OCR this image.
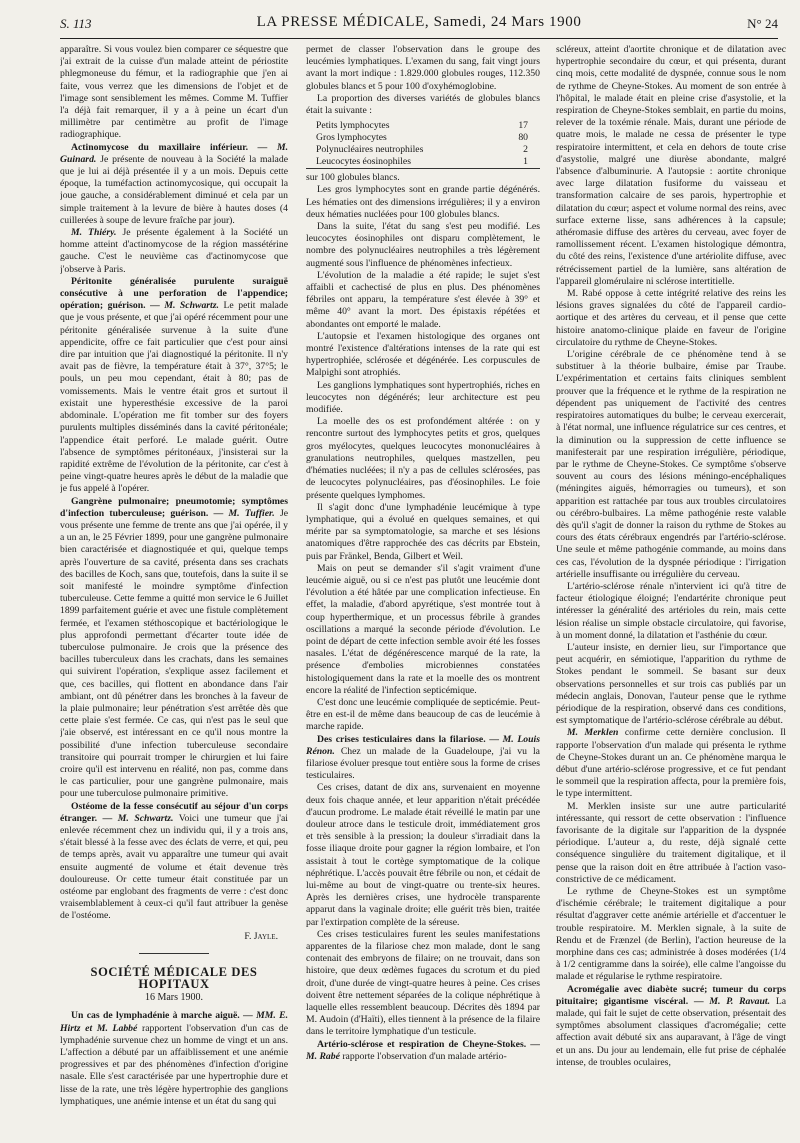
S. 113	LA PRESSE MÉDICALE, Samedi, 24 Mars 1900	N° 24

apparaître. Si vous voulez bien comparer ce séquestre que j'ai extrait de la cuisse d'un malade atteint de périostite phlegmoneuse du fémur, et la radiographie que j'en ai faite, vous verrez que les dimensions de l'objet et de l'image sont sensiblement les mêmes. Comme M. Tuffier l'a déjà fait remarquer, il y a à peine un écart d'un millimètre par centimètre au profit de l'image radiographique.

Actinomycose du maxillaire inférieur. — M. Guinard. Je présente de nouveau à la Société la malade que je lui ai déjà présentée il y a un mois. Depuis cette époque, la tuméfaction actinomycosique, qui occupait la joue gauche, a considérablement diminué et cela par un simple traitement à la levure de bière à hautes doses (4 cuillerées à soupe de levure fraîche par jour).

M. Thiéry. Je présente également à la Société un homme atteint d'actinomycose de la région massétérine gauche. C'est le neuvième cas d'actinomycose que j'observe à Paris.

Péritonite généralisée purulente suraiguë consécutive à une perforation de l'appendice; opération; guérison. — M. Schwartz. Le petit malade que je vous présente, et que j'ai opéré récemment pour une péritonite généralisée survenue à la suite d'une appendicite, offre ce fait particulier que c'est pour ainsi dire par intuition que j'ai diagnostiqué la péritonite. Il n'y avait pas de fièvre, la température était à 37°, 37°5; le pouls, un peu mou cependant, était à 80; pas de vomissements. Mais le ventre était gros et surtout il existait une hyperesthésie excessive de la paroi abdominale. L'opération me fit tomber sur des foyers purulents multiples disséminés dans la cavité péritonéale; l'appendice était perforé. Le malade guérit. Outre l'absence de symptômes péritonéaux, j'insisterai sur la rapidité extrême de l'évolution de la péritonite, car c'est à peine vingt-quatre heures après le début de la maladie que je fus appelé à l'opérer.

Gangrène pulmonaire; pneumotomie; symptômes d'infection tuberculeuse; guérison. — M. Tuffier. Je vous présente une femme de trente ans que j'ai opérée, il y a un an, le 25 Février 1899, pour une gangrène pulmonaire bien caractérisée et diagnostiquée et qui, quelque temps après l'ouverture de sa cavité, présenta dans ses crachats des bacilles de Koch, sans que, toutefois, dans la suite il se soit manifesté le moindre symptôme d'infection tuberculeuse. Cette femme a quitté mon service le 6 Juillet 1899 parfaitement guérie et avec une fistule complètement fermée, et l'examen stéthoscopique et bactériologique le plus approfondi permettant d'écarter toute idée de tuberculose pulmonaire. Je crois que la présence des bacilles tuberculeux dans les crachats, dans les semaines qui suivirent l'opération, s'explique assez facilement et que, ces bacilles, qui flottent en abondance dans l'air ambiant, ont dû pénétrer dans les bronches à la faveur de la plaie pulmonaire; leur pénétration s'est arrêtée dès que cette plaie s'est fermée. Ce cas, qui n'est pas le seul que j'aie observé, est intéressant en ce qu'il nous montre la possibilité d'une infection tuberculeuse secondaire transitoire qui pourrait tromper le chirurgien et lui faire croire qu'il est intervenu en réalité, non pas, comme dans le cas particulier, pour une gangrène pulmonaire, mais pour une tuberculose pulmonaire primitive.

Ostéome de la fesse consécutif au séjour d'un corps étranger. — M. Schwartz. Voici une tumeur que j'ai enlevée récemment chez un individu qui, il y a trois ans, s'était blessé à la fesse avec des éclats de verre, et qui, peu de temps après, avait vu apparaître une tumeur qui avait ensuite augmenté de volume et était devenue très douloureuse. Or cette tumeur était constituée par un ostéome par englobant des fragments de verre : c'est donc vraisemblablement à ceux-ci qu'il faut attribuer la genèse de l'ostéome.

F. Jayle.
SOCIÉTÉ MÉDICALE DES HOPITAUX
16 Mars 1900.

Un cas de lymphadénie à marche aiguë. — MM. E. Hirtz et M. Labbé rapportent l'observation d'un cas de lymphadénie survenue chez un homme de vingt et un ans. L'affection a débuté par un affaiblissement et une anémie progressives et par des phénomènes d'infection d'origine nasale. Elle s'est caractérisée par une hypertrophie dure et lisse de la rate, une très légère hypertrophie des ganglions lymphatiques, une anémie intense et un état du sang qui

permet de classer l'observation dans le groupe des leucémies lymphatiques. L'examen du sang, fait vingt jours avant la mort indique : 1.829.000 globules rouges, 112.350 globules blancs et 5 pour 100 d'oxyhémoglobine.

La proportion des diverses variétés de globules blancs était la suivante :

Petits lymphocytes	17
Gros lymphocytes	80
Polynucléaires neutrophiles	2
Leucocytes éosinophiles	1

sur 100 globules blancs.

Les gros lymphocytes sont en grande partie dégénérés. Les hématies ont des dimensions irrégulières; il y a environ deux hématies nucléées pour 100 globules blancs.

Dans la suite, l'état du sang s'est peu modifié. Les leucocytes éosinophiles ont disparu complètement, le nombre des polynucléaires neutrophiles a très légèrement augmenté sous l'influence de phénomènes infectieux.

L'évolution de la maladie a été rapide; le sujet s'est affaibli et cachectisé de plus en plus. Des phénomènes fébriles ont apparu, la température s'est élevée à 39° et même 40° avant la mort. Des épistaxis répétées et abondantes ont emporté le malade.

L'autopsie et l'examen histologique des organes ont montré l'existence d'altérations intenses de la rate qui est hypertrophiée, sclérosée et dégénérée. Les corpuscules de Malpighi sont atrophiés.

Les ganglions lymphatiques sont hypertrophiés, riches en leucocytes non dégénérés; leur architecture est peu modifiée.

La moelle des os est profondément altérée : on y rencontre surtout des lymphocytes petits et gros, quelques gros myélocytes, quelques leucocytes mononucléaires à granulations neutrophiles, quelques mastzellen, peu d'hématies nucléées; il n'y a pas de cellules sclérosées, pas de leucocytes polynucléaires, pas d'éosinophiles. Le foie présente quelques lymphomes.

Il s'agit donc d'une lymphadénie leucémique à type lymphatique, qui a évolué en quelques semaines, et qui mérite par sa symptomatologie, sa marche et ses lésions anatomiques d'être rapprochée des cas décrits par Ebstein, puis par Fränkel, Benda, Gilbert et Weil.

Mais on peut se demander s'il s'agit vraiment d'une leucémie aiguë, ou si ce n'est pas plutôt une leucémie dont l'évolution a été hâtée par une complication infectieuse. En effet, la maladie, d'abord apyrétique, s'est montrée tout à coup hyperthermique, et un processus fébrile à grandes oscillations a marqué la seconde période d'évolution. Le point de départ de cette infection semble avoir été les fosses nasales. L'état de dégénérescence marqué de la rate, la présence d'embolies microbiennes constatées histologiquement dans la rate et la moelle des os montrent encore la réalité de l'infection septicémique.

C'est donc une leucémie compliquée de septicémie. Peut-être en est-il de même dans beaucoup de cas de leucémie à marche rapide.

Des crises testiculaires dans la filariose. — M. Louis Rénon. Chez un malade de la Guadeloupe, j'ai vu la filariose évoluer presque tout entière sous la forme de crises testiculaires.

Ces crises, datant de dix ans, survenaient en moyenne deux fois chaque année, et leur apparition n'était précédée d'aucun prodrome. Le malade était réveillé le matin par une douleur atroce dans le testicule droit, immédiatement gros et très sensible à la pression; la douleur s'irradiait dans la fosse iliaque droite pour gagner la région lombaire, et l'on assistait à tout le cortège symptomatique de la colique néphrétique. L'accès pouvait être fébrile ou non, et cédait de lui-même au bout de vingt-quatre ou trente-six heures. Après les dernières crises, une hydrocèle transparente apparut dans la vaginale droite; elle guérit très bien, traitée par l'extirpation complète de la séreuse.

Ces crises testiculaires furent les seules manifestations apparentes de la filariose chez mon malade, dont le sang contenait des embryons de filaire; on ne trouvait, dans son histoire, que deux œdèmes fugaces du scrotum et du pied droit, d'une durée de vingt-quatre heures à peine. Ces crises doivent être nettement séparées de la colique néphrétique à laquelle elles ressemblent beaucoup. Décrites dès 1894 par M. Audoin (d'Haïti), elles tiennent à la présence de la filaire dans le territoire lymphatique d'un testicule.

Artério-sclérose et respiration de Cheyne-Stokes. — M. Rabé rapporte l'observation d'un malade artério-

scléreux, atteint d'aortite chronique et de dilatation avec hypertrophie secondaire du cœur, et qui présenta, durant cinq mois, cette modalité de dyspnée, connue sous le nom de rythme de Cheyne-Stokes. Au moment de son entrée à l'hôpital, le malade était en pleine crise d'asystolie, et la respiration de Cheyne-Stokes semblait, en partie du moins, relever de la toxémie rénale. Mais, durant une période de quatre mois, le malade ne cessa de présenter le type respiratoire intermittent, et cela en dehors de toute crise d'asystolie, malgré une diurèse abondante, malgré l'absence d'albuminurie. A l'autopsie : aortite chronique avec large dilatation fusiforme du vaisseau et transformation calcaire de ses parois, hypertrophie et dilatation du cœur; aspect et volume normal des reins, avec surface externe lisse, sans adhérences à la capsule; athéromasie diffuse des artères du cerveau, avec foyer de ramollissement récent. L'examen histologique démontra, du côté des reins, l'existence d'une artériolite diffuse, avec rétrécissement partiel de la lumière, sans altération de l'appareil glomérulaire ni sclérose intertitielle.

M. Rabé oppose à cette intégrité relative des reins les lésions graves signalées du côté de l'appareil cardio-aortique et des artères du cerveau, et il pense que cette histoire anatomo-clinique plaide en faveur de l'origine circulatoire du rythme de Cheyne-Stokes.

L'origine cérébrale de ce phénomène tend à se substituer à la théorie bulbaire, émise par Traube. L'expérimentation et certains faits cliniques semblent prouver que la fréquence et le rythme de la respiration ne dépendent pas uniquement de l'activité des centres respiratoires automatiques du bulbe; le cerveau exercerait, à l'état normal, une influence régulatrice sur ces centres, et la diminution ou la suppression de cette influence se manifesterait par une respiration irrégulière, périodique, par le rythme de Cheyne-Stokes. Ce symptôme s'observe souvent au cours des lésions méningo-encéphaliques (méningites aiguës, hémorragies ou tumeurs), et son apparition est rattachée par tous aux troubles circulatoires ou cérébro-bulbaires. La même pathogénie reste valable dès qu'il s'agit de donner la raison du rythme de Stokes au cours des états cérébraux engendrés par l'artério-sclérose. Une seule et même pathogénie commande, au moins dans ces cas, l'évolution de la dyspnée périodique : l'irrigation artérielle insuffisante ou irrégulière du cerveau.

L'artério-sclérose rénale n'intervient ici qu'à titre de facteur étiologique éloigné; l'endartérite chronique peut intéresser la généralité des artérioles du rein, mais cette lésion réalise un simple obstacle circulatoire, qui favorise, à un moment donné, la dilatation et l'asthénie du cœur.

L'auteur insiste, en dernier lieu, sur l'importance que peut acquérir, en sémiotique, l'apparition du rythme de Stokes pendant le sommeil. Se basant sur deux observations personnelles et sur trois cas publiés par un médecin anglais, Donovan, l'auteur pense que le rythme périodique de la respiration, observé dans ces conditions, est symptomatique de l'artério-sclérose cérébrale au début.

M. Merklen confirme cette dernière conclusion. Il rapporte l'observation d'un malade qui présenta le rythme de Cheyne-Stokes durant un an. Ce phénomène marqua le début d'une artério-sclérose progressive, et ce fut pendant le sommeil que la respiration affecta, pour la première fois, le type intermittent.

M. Merklen insiste sur une autre particularité intéressante, qui ressort de cette observation : l'influence favorisante de la digitale sur l'apparition de la dyspnée périodique. L'auteur a, du reste, déjà signalé cette conséquence singulière du traitement digitalique, et il pense que la raison doit en être attribuée à l'action vaso-constrictive de ce médicament.

Le rythme de Cheyne-Stokes est un symptôme d'ischémie cérébrale; le traitement digitalique a pour résultat d'aggraver cette anémie artérielle et d'accentuer le trouble respiratoire. M. Merklen signale, à la suite de Rendu et de Frænzel (de Berlin), l'action heureuse de la morphine dans ces cas; administrée à doses modérées (1/4 à 1/2 centigramme dans la soirée), elle calme l'angoisse du malade et régularise le rythme respiratoire.

Acromégalie avec diabète sucré; tumeur du corps pituitaire; gigantisme viscéral. — M. P. Ravaut. La malade, qui fait le sujet de cette observation, présentait des symptômes absolument classiques d'acromégalie; cette affection avait débuté six ans auparavant, à l'âge de vingt et un ans. Du jour au lendemain, elle fut prise de céphalée intense, de troubles oculaires,
